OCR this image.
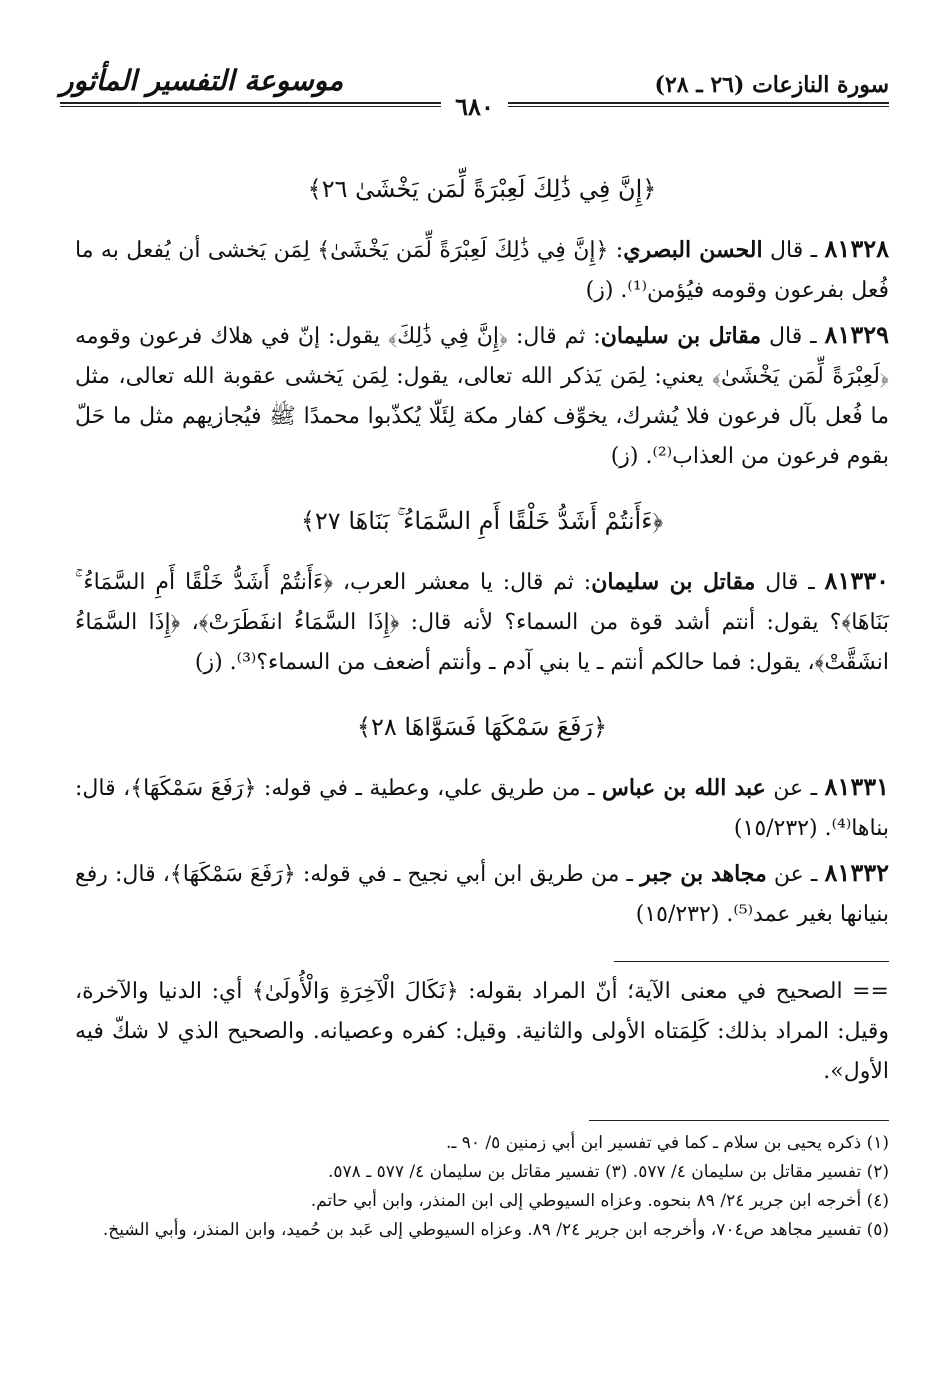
موسوعة التفسير المأثور	سورة النازعات (٢٦ ـ ٢٨)
٦٨٠
﴿إِنَّ فِي ذَٰلِكَ لَعِبْرَةً لِّمَن يَخْشَىٰ ٢٦﴾
٨١٣٢٨ ـ قال الحسن البصري: ﴿إِنَّ فِي ذَٰلِكَ لَعِبْرَةً لِّمَن يَخْشَىٰ﴾ لِمَن يَخشى أن يُفعل به ما فُعل بفرعون وقومه فيُؤمن⁽¹⁾. (ز)
٨١٣٢٩ ـ قال مقاتل بن سليمان: ثم قال: ﴿إِنَّ فِي ذَٰلِكَ﴾ يقول: إنّ في هلاك فرعون وقومه ﴿لَعِبْرَةً لِّمَن يَخْشَىٰ﴾ يعني: لِمَن يَذكر الله تعالى، يقول: لِمَن يَخشى عقوبة الله تعالى، مثل ما فُعل بآل فرعون فلا يُشرك، يخوِّف كفار مكة لِئَلّا يُكذّبوا محمدًا ﷺ فيُجازيهم مثل ما حَلّ بقوم فرعون من العذاب⁽²⁾. (ز)
﴿ءَأَنتُمْ أَشَدُّ خَلْقًا أَمِ السَّمَاءُ ۚ بَنَاهَا ٢٧﴾
٨١٣٣٠ ـ قال مقاتل بن سليمان: ثم قال: يا معشر العرب، ﴿ءَأَنتُمْ أَشَدُّ خَلْقًا أَمِ السَّمَاءُ ۚ بَنَاهَا﴾؟ يقول: أنتم أشد قوة من السماء؟ لأنه قال: ﴿إِذَا السَّمَاءُ انفَطَرَتْ﴾، ﴿إِذَا السَّمَاءُ انشَقَّتْ﴾، يقول: فما حالكم أنتم ـ يا بني آدم ـ وأنتم أضعف من السماء؟⁽³⁾. (ز)
﴿رَفَعَ سَمْكَهَا فَسَوَّاهَا ٢٨﴾
٨١٣٣١ ـ عن عبد الله بن عباس ـ من طريق علي، وعطية ـ في قوله: ﴿رَفَعَ سَمْكَهَا﴾، قال: بناها⁽⁴⁾. (١٥/٢٣٢)
٨١٣٣٢ ـ عن مجاهد بن جبر ـ من طريق ابن أبي نجيح ـ في قوله: ﴿رَفَعَ سَمْكَهَا﴾، قال: رفع بنيانها بغير عمد⁽⁵⁾. (١٥/٢٣٢)
== الصحيح في معنى الآية؛ أنّ المراد بقوله: ﴿نَكَالَ الْآخِرَةِ وَالْأُولَىٰ﴾ أي: الدنيا والآخرة، وقيل: المراد بذلك: كَلِمَتاه الأولى والثانية. وقيل: كفره وعصيانه. والصحيح الذي لا شكّ فيه الأول».
(١) ذكره يحيى بن سلام ـ كما في تفسير ابن أبي زمنين ٥/ ٩٠ ـ.
(٢) تفسير مقاتل بن سليمان ٤/ ٥٧٧. (٣) تفسير مقاتل بن سليمان ٤/ ٥٧٧ ـ ٥٧٨.
(٤) أخرجه ابن جرير ٢٤/ ٨٩ بنحوه. وعزاه السيوطي إلى ابن المنذر، وابن أبي حاتم.
(٥) تفسير مجاهد ص٧٠٤، وأخرجه ابن جرير ٢٤/ ٨٩. وعزاه السيوطي إلى عَبد بن حُميد، وابن المنذر، وأبي الشيخ.
